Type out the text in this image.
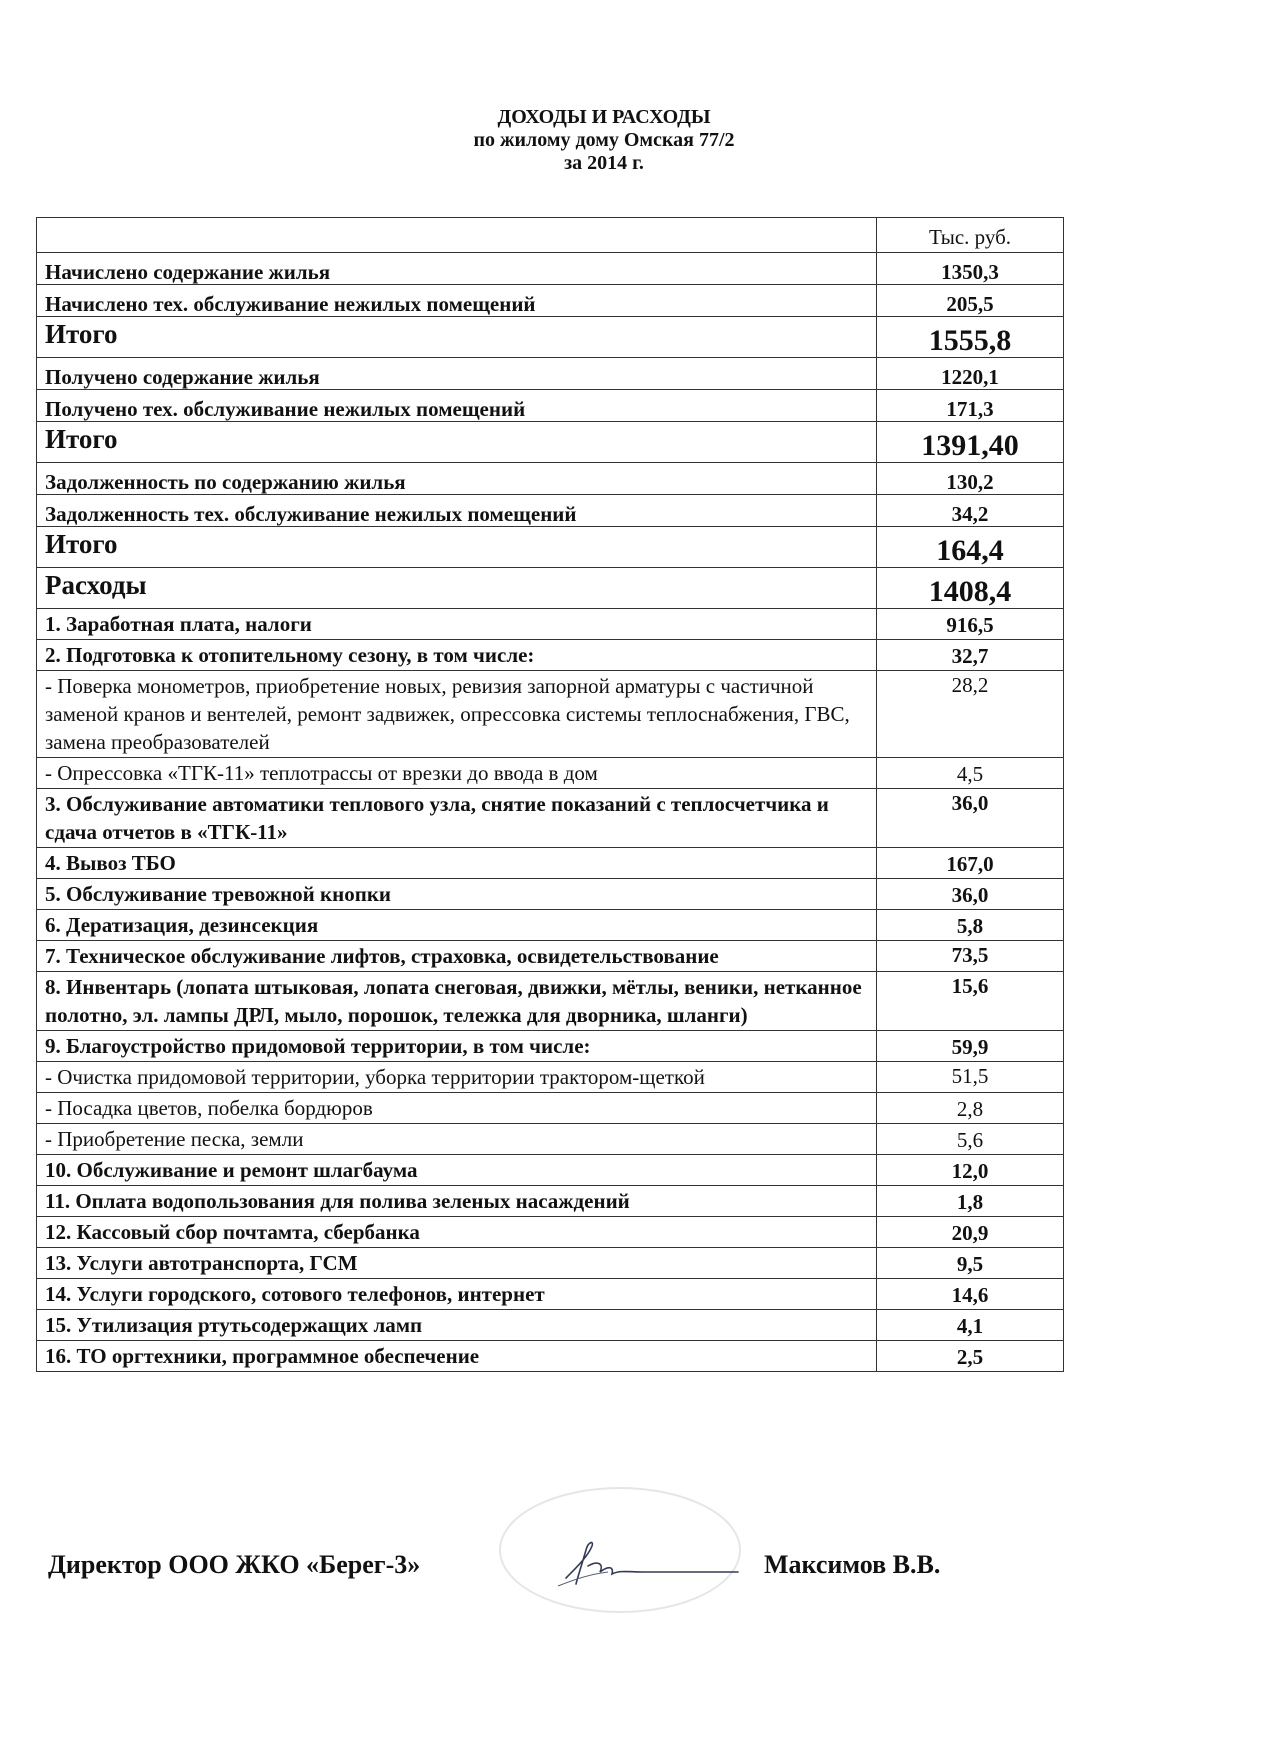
ДОХОДЫ И РАСХОДЫ
по жилому дому Омская 77/2
за 2014 г.
	Тыс. руб.
Начислено содержание жилья	1350,3
Начислено тех. обслуживание нежилых помещений	205,5
Итого	1555,8
Получено содержание жилья	1220,1
Получено тех. обслуживание нежилых помещений	171,3
Итого	1391,40
Задолженность по содержанию жилья	130,2
Задолженность тех. обслуживание нежилых помещений	34,2
Итого	164,4
Расходы	1408,4
1. Заработная плата, налоги	916,5
2. Подготовка к отопительному сезону, в том числе:	32,7
- Поверка монометров, приобретение новых, ревизия запорной арматуры с частичной заменой кранов и вентелей, ремонт задвижек, опрессовка системы теплоснабжения, ГВС, замена преобразователей	28,2
- Опрессовка «ТГК-11» теплотрассы от врезки до ввода в дом	4,5
3. Обслуживание автоматики теплового узла, снятие показаний с теплосчетчика и сдача отчетов в «ТГК-11»	36,0
4. Вывоз ТБО	167,0
5. Обслуживание тревожной кнопки	36,0
6. Дератизация, дезинсекция	5,8
7. Техническое обслуживание лифтов, страховка, освидетельствование	73,5
8. Инвентарь (лопата штыковая, лопата снеговая, движки, мётлы, веники, нетканное полотно, эл. лампы ДРЛ, мыло, порошок, тележка для дворника, шланги)	15,6
9. Благоустройство придомовой территории, в том числе:	59,9
- Очистка придомовой территории, уборка территории трактором-щеткой	51,5
- Посадка цветов, побелка бордюров	2,8
- Приобретение песка, земли	5,6
10. Обслуживание и ремонт шлагбаума	12,0
11. Оплата водопользования для полива зеленых насаждений	1,8
12. Кассовый сбор почтамта, сбербанка	20,9
13. Услуги автотранспорта, ГСМ	9,5
14. Услуги городского, сотового телефонов, интернет	14,6
15. Утилизация ртутьсодержащих ламп	4,1
16. ТО оргтехники, программное обеспечение	2,5
Директор ООО ЖКО «Берег-3»	Максимов В.В.
